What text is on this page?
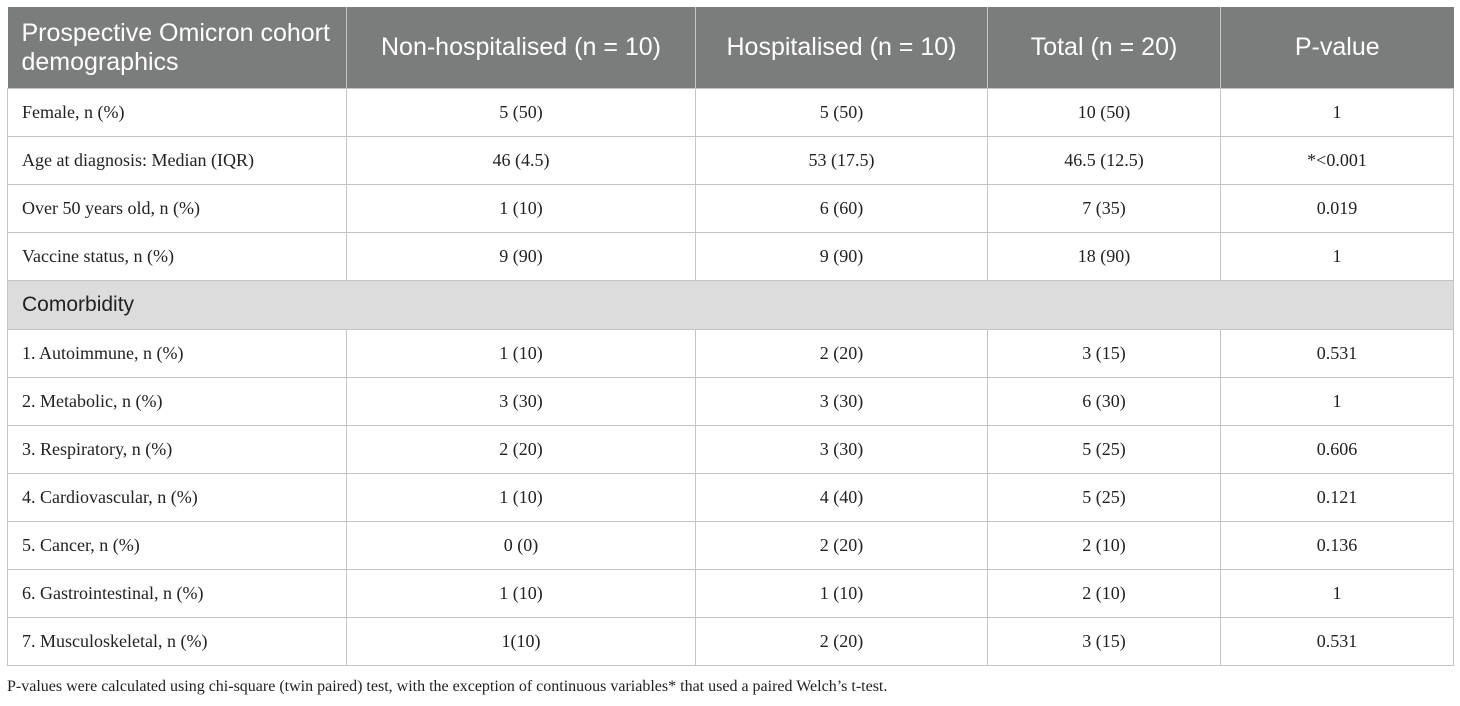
Prospective Omicron cohort demographics	Non-hospitalised (n = 10)	Hospitalised (n = 10)	Total (n = 20)	P-value
Female, n (%)	5 (50)	5 (50)	10 (50)	1
Age at diagnosis: Median (IQR)	46 (4.5)	53 (17.5)	46.5 (12.5)	*<0.001
Over 50 years old, n (%)	1 (10)	6 (60)	7 (35)	0.019
Vaccine status, n (%)	9 (90)	9 (90)	18 (90)	1
Comorbidity				
1. Autoimmune, n (%)	1 (10)	2 (20)	3 (15)	0.531
2. Metabolic, n (%)	3 (30)	3 (30)	6 (30)	1
3. Respiratory, n (%)	2 (20)	3 (30)	5 (25)	0.606
4. Cardiovascular, n (%)	1 (10)	4 (40)	5 (25)	0.121
5. Cancer, n (%)	0 (0)	2 (20)	2 (10)	0.136
6. Gastrointestinal, n (%)	1 (10)	1 (10)	2 (10)	1
7. Musculoskeletal, n (%)	1(10)	2 (20)	3 (15)	0.531
P-values were calculated using chi-square (twin paired) test, with the exception of continuous variables* that used a paired Welch’s t-test.
